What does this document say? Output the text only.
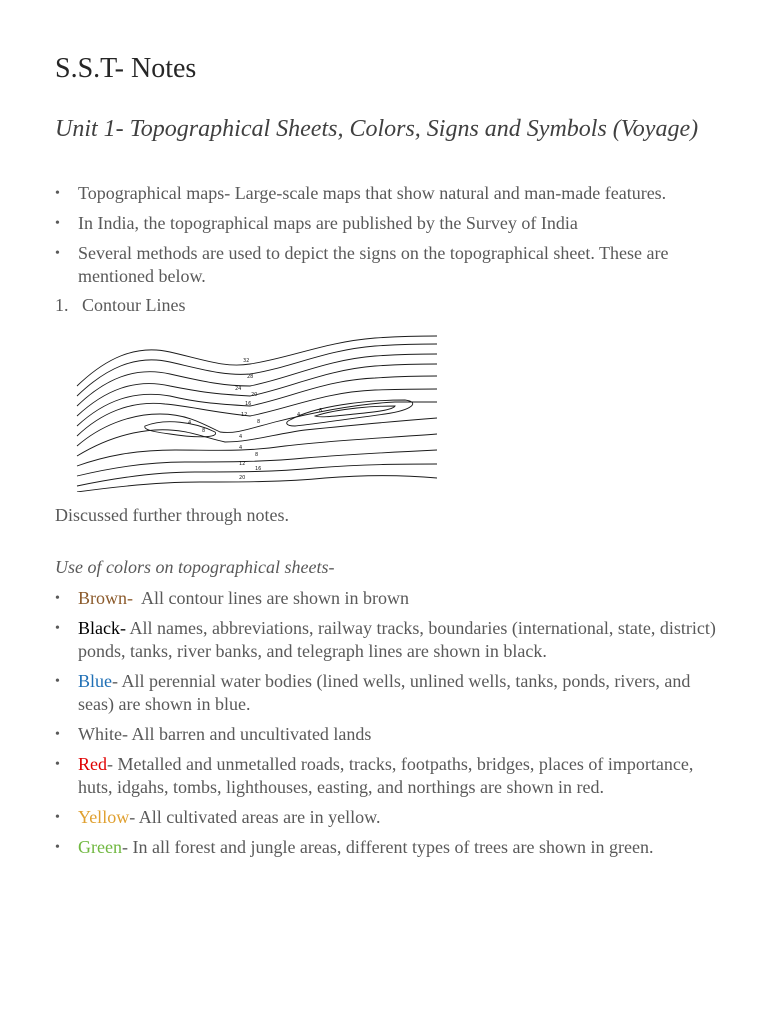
S.S.T- Notes
Unit 1- Topographical Sheets, Colors, Signs and Symbols (Voyage)
• Topographical maps- Large-scale maps that show natural and man-made features.
• In India, the topographical maps are published by the Survey of India
• Several methods are used to depict the signs on the topographical sheet. These are mentioned below.
1. Contour Lines
32
28
24
20
16
12
8
4
8
4
4
8
12
16
20
4
8

Discussed further through notes.

Use of colors on topographical sheets-

• Brown-  All contour lines are shown in brown
• Black- All names, abbreviations, railway tracks, boundaries (international, state, district) ponds, tanks, river banks, and telegraph lines are shown in black.
• Blue- All perennial water bodies (lined wells, unlined wells, tanks, ponds, rivers, and seas) are shown in blue.
• White- All barren and uncultivated lands
• Red- Metalled and unmetalled roads, tracks, footpaths, bridges, places of importance, huts, idgahs, tombs, lighthouses, easting, and northings are shown in red.
• Yellow- All cultivated areas are in yellow.
• Green- In all forest and jungle areas, different types of trees are shown in green.
